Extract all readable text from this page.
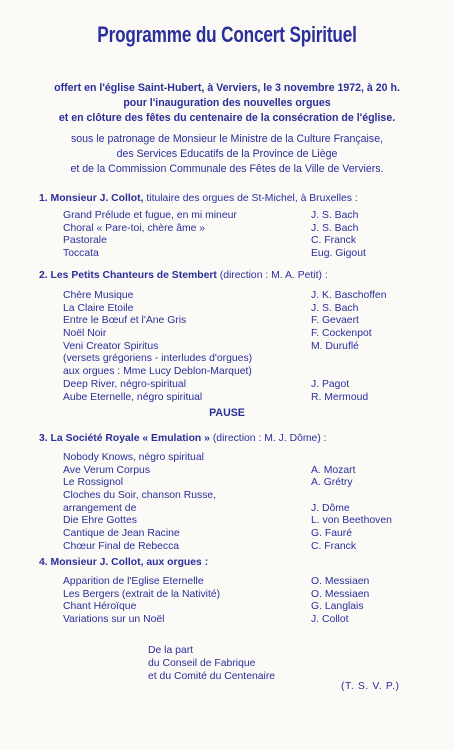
Programme du Concert Spirituel
offert en l'église Saint-Hubert, à Verviers, le 3 novembre 1972, à 20 h.
pour l'inauguration des nouvelles orgues
et en clôture des fêtes du centenaire de la consécration de l'église.
sous le patronage de Monsieur le Ministre de la Culture Française,
des Services Educatifs de la Province de Liège
et de la Commission Communale des Fêtes de la Ville de Verviers.
1. Monsieur J. Collot, titulaire des orgues de St-Michel, à Bruxelles :
Grand Prélude et fugue, en mi mineur	J. S. Bach
Choral « Pare-toi, chère âme »	J. S. Bach
Pastorale	C. Franck
Toccata	Eug. Gigout
2. Les Petits Chanteurs de Stembert (direction : M. A. Petit) :
Chère Musique	J. K. Baschoffen
La Claire Etoile	J. S. Bach
Entre le Bœuf et l'Ane Gris	F. Gevaert
Noël Noir	F. Cockenpot
Veni Creator Spiritus	M. Duruflé
(versets grégoriens - interludes d'orgues)
aux orgues : Mme Lucy Deblon-Marquet)
Deep River, négro-spiritual	J. Pagot
Aube Eternelle, négro spiritual	R. Mermoud
PAUSE
3. La Société Royale « Emulation » (direction : M. J. Dôme) :
Nobody Knows, négro spiritual
Ave Verum Corpus	A. Mozart
Le Rossignol	A. Grétry
Cloches du Soir, chanson Russe,
arrangement de	J. Dôme
Die Ehre Gottes	L. von Beethoven
Cantique de Jean Racine	G. Fauré
Chœur Final de Rebecca	C. Franck
4. Monsieur J. Collot, aux orgues :
Apparition de l'Eglise Eternelle	O. Messiaen
Les Bergers (extrait de la Nativité)	O. Messiaen
Chant Héroïque	G. Langlais
Variations sur un Noël	J. Collot
De la part
du Conseil de Fabrique
et du Comité du Centenaire
(T. S. V. P.)
